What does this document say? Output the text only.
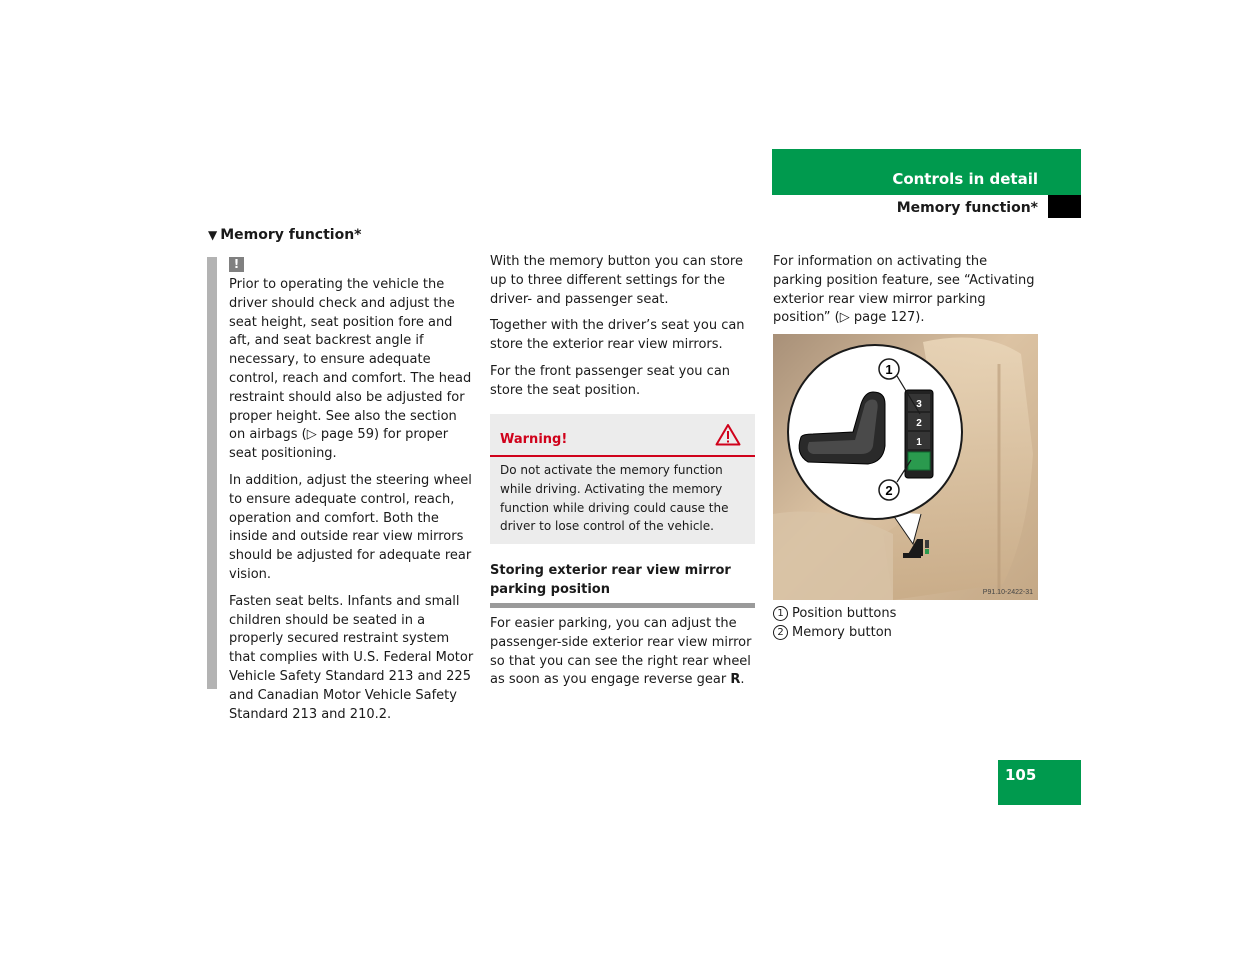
Controls in detail
Memory function*
▼ Memory function*
!

Prior to operating the vehicle the driver should check and adjust the seat height, seat position fore and aft, and seat backrest angle if necessary, to ensure adequate control, reach and comfort. The head restraint should also be adjusted for proper height. See also the section on airbags (▷ page 59) for proper seat positioning.

In addition, adjust the steering wheel to ensure adequate control, reach, operation and comfort. Both the inside and outside rear view mirrors should be adjusted for adequate rear vision.

Fasten seat belts. Infants and small children should be seated in a properly secured restraint system that complies with U.S. Federal Motor Vehicle Safety Standard 213 and 225 and Canadian Motor Vehicle Safety Standard 213 and 210.2.

With the memory button you can store up to three different settings for the driver- and passenger seat.

Together with the driver’s seat you can store the exterior rear view mirrors.

For the front passenger seat you can store the seat position.

Warning!
Do not activate the memory function while driving. Activating the memory function while driving could cause the driver to lose control of the vehicle.
Storing exterior rear view mirror parking position
For easier parking, you can adjust the passenger-side exterior rear view mirror so that you can see the right rear wheel as soon as you engage reverse gear R.

For information on activating the parking position feature, see “Activating exterior rear view mirror parking position” (▷ page 127).

3
2
1
1
2
P91.10-2422-31
1 Position buttons
2 Memory button
105
